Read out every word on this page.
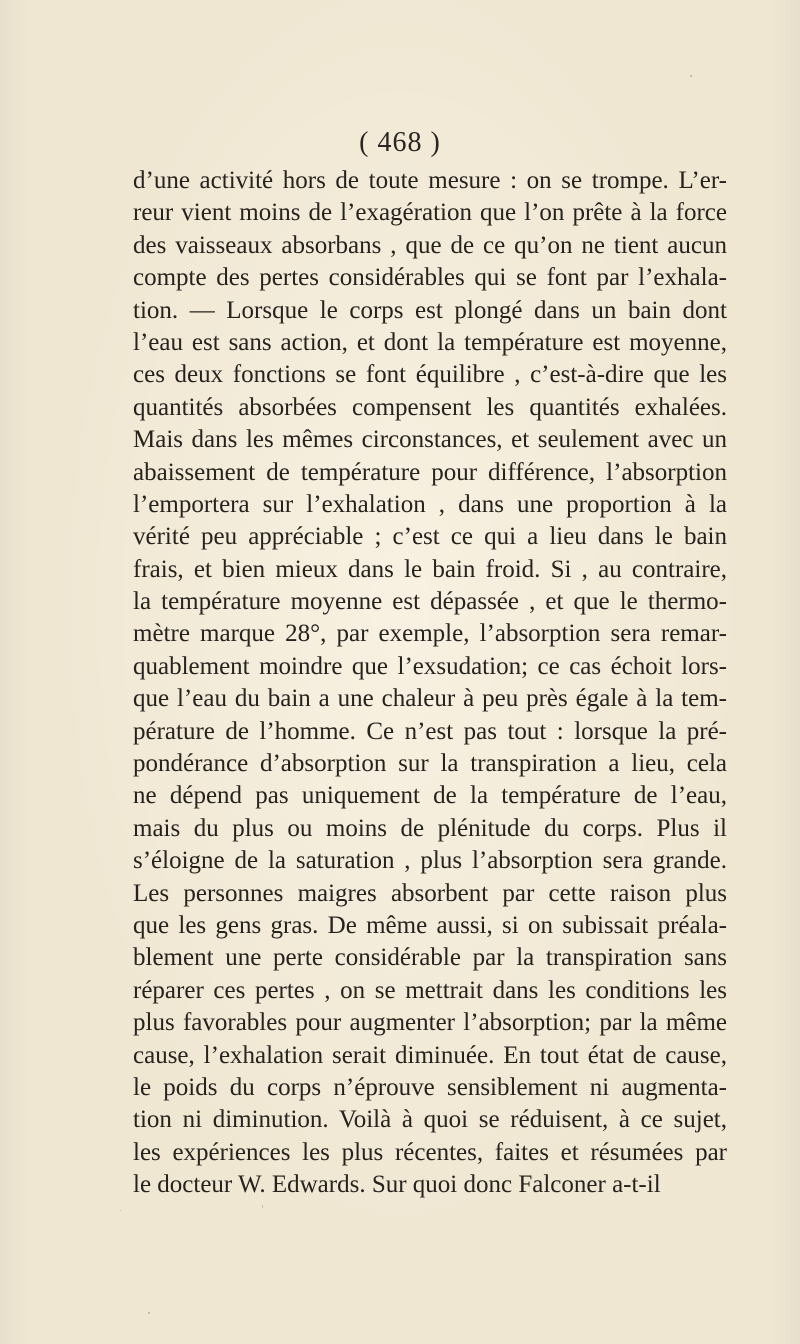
( 468 )
d’une activité hors de toute mesure : on se trompe. L’er-
reur vient moins de l’exagération que l’on prête à la force
des vaisseaux absorbans , que de ce qu’on ne tient aucun
compte des pertes considérables qui se font par l’exhala-
tion. — Lorsque le corps est plongé dans un bain dont
l’eau est sans action, et dont la température est moyenne,
ces deux fonctions se font équilibre , c’est-à-dire que les
quantités absorbées compensent les quantités exhalées.
Mais dans les mêmes circonstances, et seulement avec un
abaissement de température pour différence, l’absorption
l’emportera sur l’exhalation , dans une proportion à la
vérité peu appréciable ; c’est ce qui a lieu dans le bain
frais, et bien mieux dans le bain froid. Si , au contraire,
la température moyenne est dépassée , et que le thermo-
mètre marque 28°, par exemple, l’absorption sera remar-
quablement moindre que l’exsudation; ce cas échoit lors-
que l’eau du bain a une chaleur à peu près égale à la tem-
pérature de l’homme. Ce n’est pas tout : lorsque la pré-
pondérance d’absorption sur la transpiration a lieu, cela
ne dépend pas uniquement de la température de l’eau,
mais du plus ou moins de plénitude du corps. Plus il
s’éloigne de la saturation , plus l’absorption sera grande.
Les personnes maigres absorbent par cette raison plus
que les gens gras. De même aussi, si on subissait préala-
blement une perte considérable par la transpiration sans
réparer ces pertes , on se mettrait dans les conditions les
plus favorables pour augmenter l’absorption; par la même
cause, l’exhalation serait diminuée. En tout état de cause,
le poids du corps n’éprouve sensiblement ni augmenta-
tion ni diminution. Voilà à quoi se réduisent, à ce sujet,
les expériences les plus récentes, faites et résumées par
le docteur W. Edwards. Sur quoi donc Falconer a-t-il
